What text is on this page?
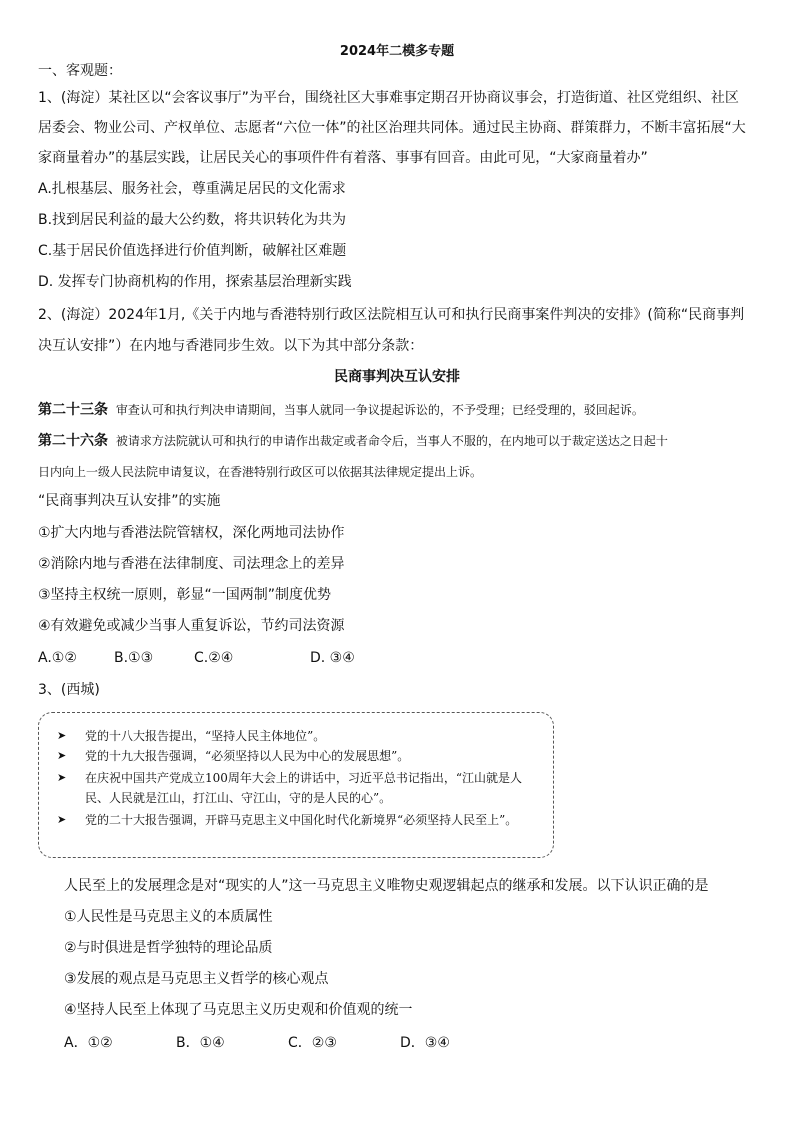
2024年二模多专题
一、客观题：
1、(海淀）某社区以“会客议事厅”为平台，围绕社区大事难事定期召开协商议事会，打造街道、社区党组织、社区
居委会、物业公司、产权单位、志愿者“六位一体”的社区治理共同体。通过民主协商、群策群力，不断丰富拓展“大
家商量着办”的基层实践，让居民关心的事项件件有着落、事事有回音。由此可见，“大家商量着办”
A.扎根基层、服务社会，尊重满足居民的文化需求
B.找到居民利益的最大公约数，将共识转化为共为
C.基于居民价值选择进行价值判断，破解社区难题
D. 发挥专门协商机构的作用，探索基层治理新实践
2、(海淀）2024年1月,《关于内地与香港特别行政区法院相互认可和执行民商事案件判决的安排》(简称“民商事判
决互认安排”）在内地与香港同步生效。以下为其中部分条款：
民商事判决互认安排
第二十三条 审查认可和执行判决申请期间，当事人就同一争议提起诉讼的，不予受理；已经受理的，驳回起诉。
第二十六条 被请求方法院就认可和执行的申请作出裁定或者命令后，当事人不服的，在内地可以于裁定送达之日起十
日内向上一级人民法院申请复议，在香港特别行政区可以依据其法律规定提出上诉。
“民商事判决互认安排”的实施
①扩大内地与香港法院管辖权，深化两地司法协作
②消除内地与香港在法律制度、司法理念上的差异
③坚持主权统一原则，彰显“一国两制”制度优势
④有效避免或减少当事人重复诉讼，节约司法资源
A.①②	B.①③	C.②④	D. ③④
3、(西城)
➤ 党的十八大报告提出，“坚持人民主体地位”。
➤ 党的十九大报告强调，“必须坚持以人民为中心的发展思想”。
➤ 在庆祝中国共产党成立100周年大会上的讲话中，习近平总书记指出，“江山就是人民、人民就是江山，打江山、守江山，守的是人民的心”。
➤ 党的二十大报告强调，开辟马克思主义中国化时代化新境界“必须坚持人民至上”。
人民至上的发展理念是对“现实的人”这一马克思主义唯物史观逻辑起点的继承和发展。以下认识正确的是
①人民性是马克思主义的本质属性
②与时俱进是哲学独特的理论品质
③发展的观点是马克思主义哲学的核心观点
④坚持人民至上体现了马克思主义历史观和价值观的统一
A．①②	B．①④	C．②③	D．③④
